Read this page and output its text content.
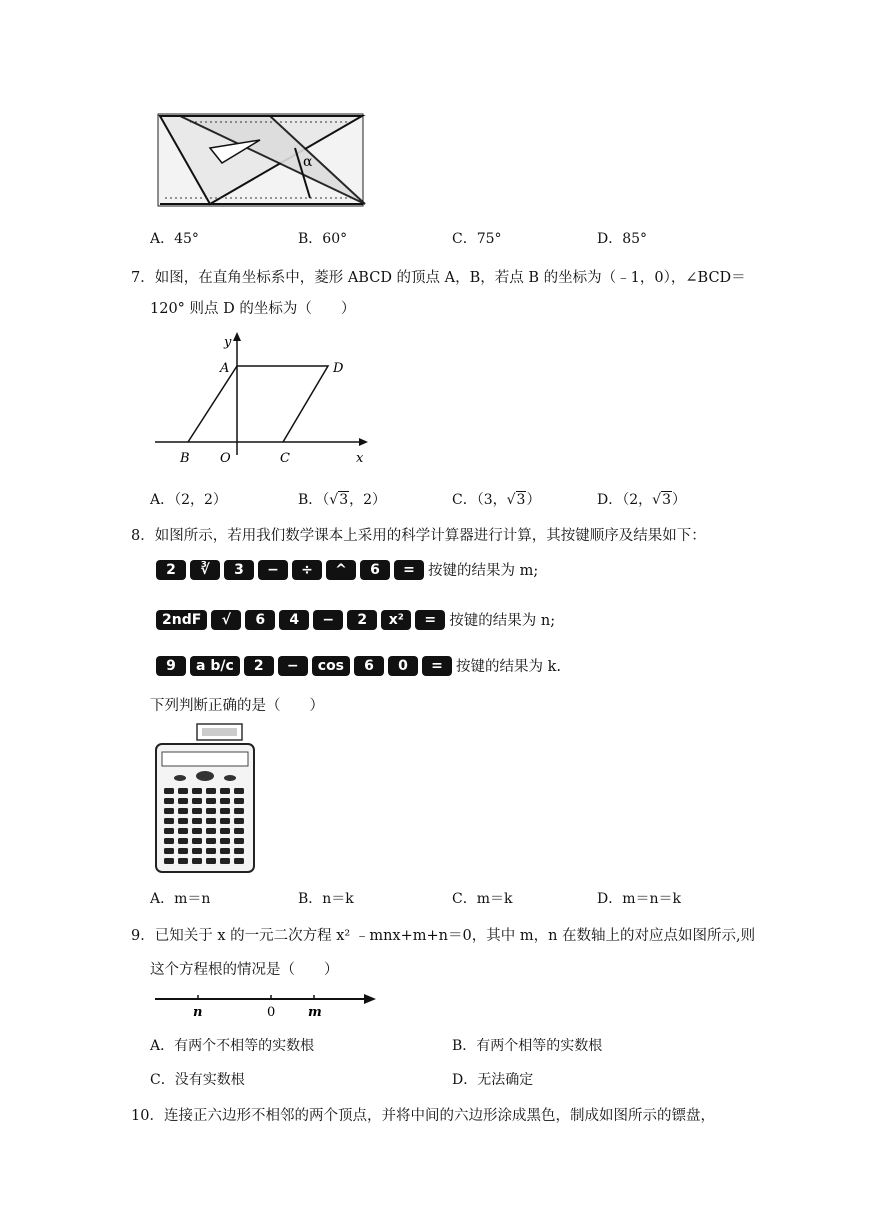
α
A．45°	B．60°	C．75°	D．85°
7．如图，在直角坐标系中，菱形 ABCD 的顶点 A，B，若点 B 的坐标为（﹣1，0），∠BCD＝
120° 则点 D 的坐标为（　　）
y
x
A	D
B O	C
A．（2，2）	B．（√3，2）	C．（3，√3）	D．（2，√3）
8．如图所示，若用我们数学课本上采用的科学计算器进行计算，其按键顺序及结果如下：
2 ∛ 3 − ÷ ^ 6 = 按键的结果为 m;
2ndF √ 6 4 − 2 x² = 按键的结果为 n;
9 a b/c 2 − cos 6 0 = 按键的结果为 k.
下列判断正确的是（　　）
A．m＝n	B．n＝k	C．m＝k	D．m＝n＝k
9．已知关于 x 的一元二次方程 x² ﹣mnx+m+n＝0，其中 m，n 在数轴上的对应点如图所示,则
这个方程根的情况是（　　）
n	0	m
A．有两个不相等的实数根	B．有两个相等的实数根
C．没有实数根	D．无法确定
10．连接正六边形不相邻的两个顶点，并将中间的六边形涂成黑色，制成如图所示的镖盘，
